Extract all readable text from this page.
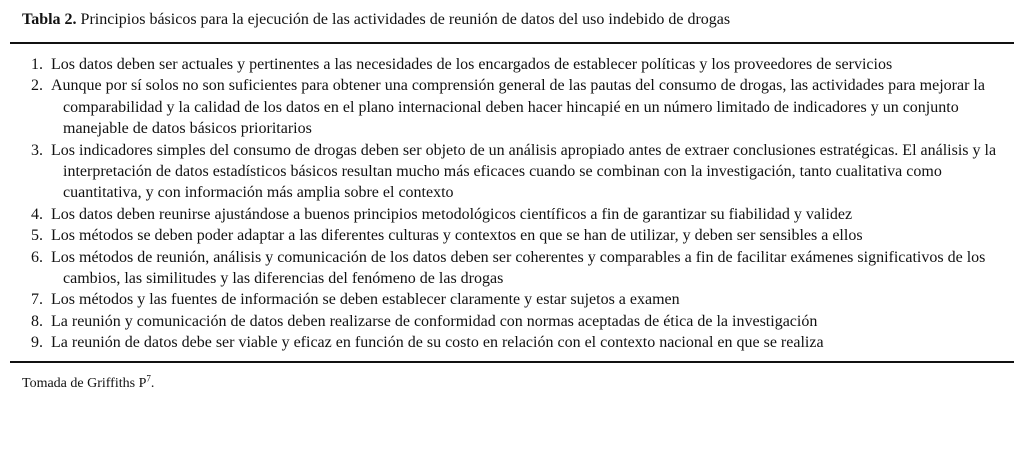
Tabla 2. Principios básicos para la ejecución de las actividades de reunión de datos del uso indebido de drogas
1. Los datos deben ser actuales y pertinentes a las necesidades de los encargados de establecer políticas y los proveedores de servicios
2. Aunque por sí solos no son suficientes para obtener una comprensión general de las pautas del consumo de drogas, las actividades para mejorar la comparabilidad y la calidad de los datos en el plano internacional deben hacer hincapié en un número limitado de indicadores y un conjunto manejable de datos básicos prioritarios
3. Los indicadores simples del consumo de drogas deben ser objeto de un análisis apropiado antes de extraer conclusiones estratégicas. El análisis y la interpretación de datos estadísticos básicos resultan mucho más eficaces cuando se combinan con la investigación, tanto cualitativa como cuantitativa, y con información más amplia sobre el contexto
4. Los datos deben reunirse ajustándose a buenos principios metodológicos científicos a fin de garantizar su fiabilidad y validez
5. Los métodos se deben poder adaptar a las diferentes culturas y contextos en que se han de utilizar, y deben ser sensibles a ellos
6. Los métodos de reunión, análisis y comunicación de los datos deben ser coherentes y comparables a fin de facilitar exámenes significativos de los cambios, las similitudes y las diferencias del fenómeno de las drogas
7. Los métodos y las fuentes de información se deben establecer claramente y estar sujetos a examen
8. La reunión y comunicación de datos deben realizarse de conformidad con normas aceptadas de ética de la investigación
9. La reunión de datos debe ser viable y eficaz en función de su costo en relación con el contexto nacional en que se realiza
Tomada de Griffiths $P^7$.
